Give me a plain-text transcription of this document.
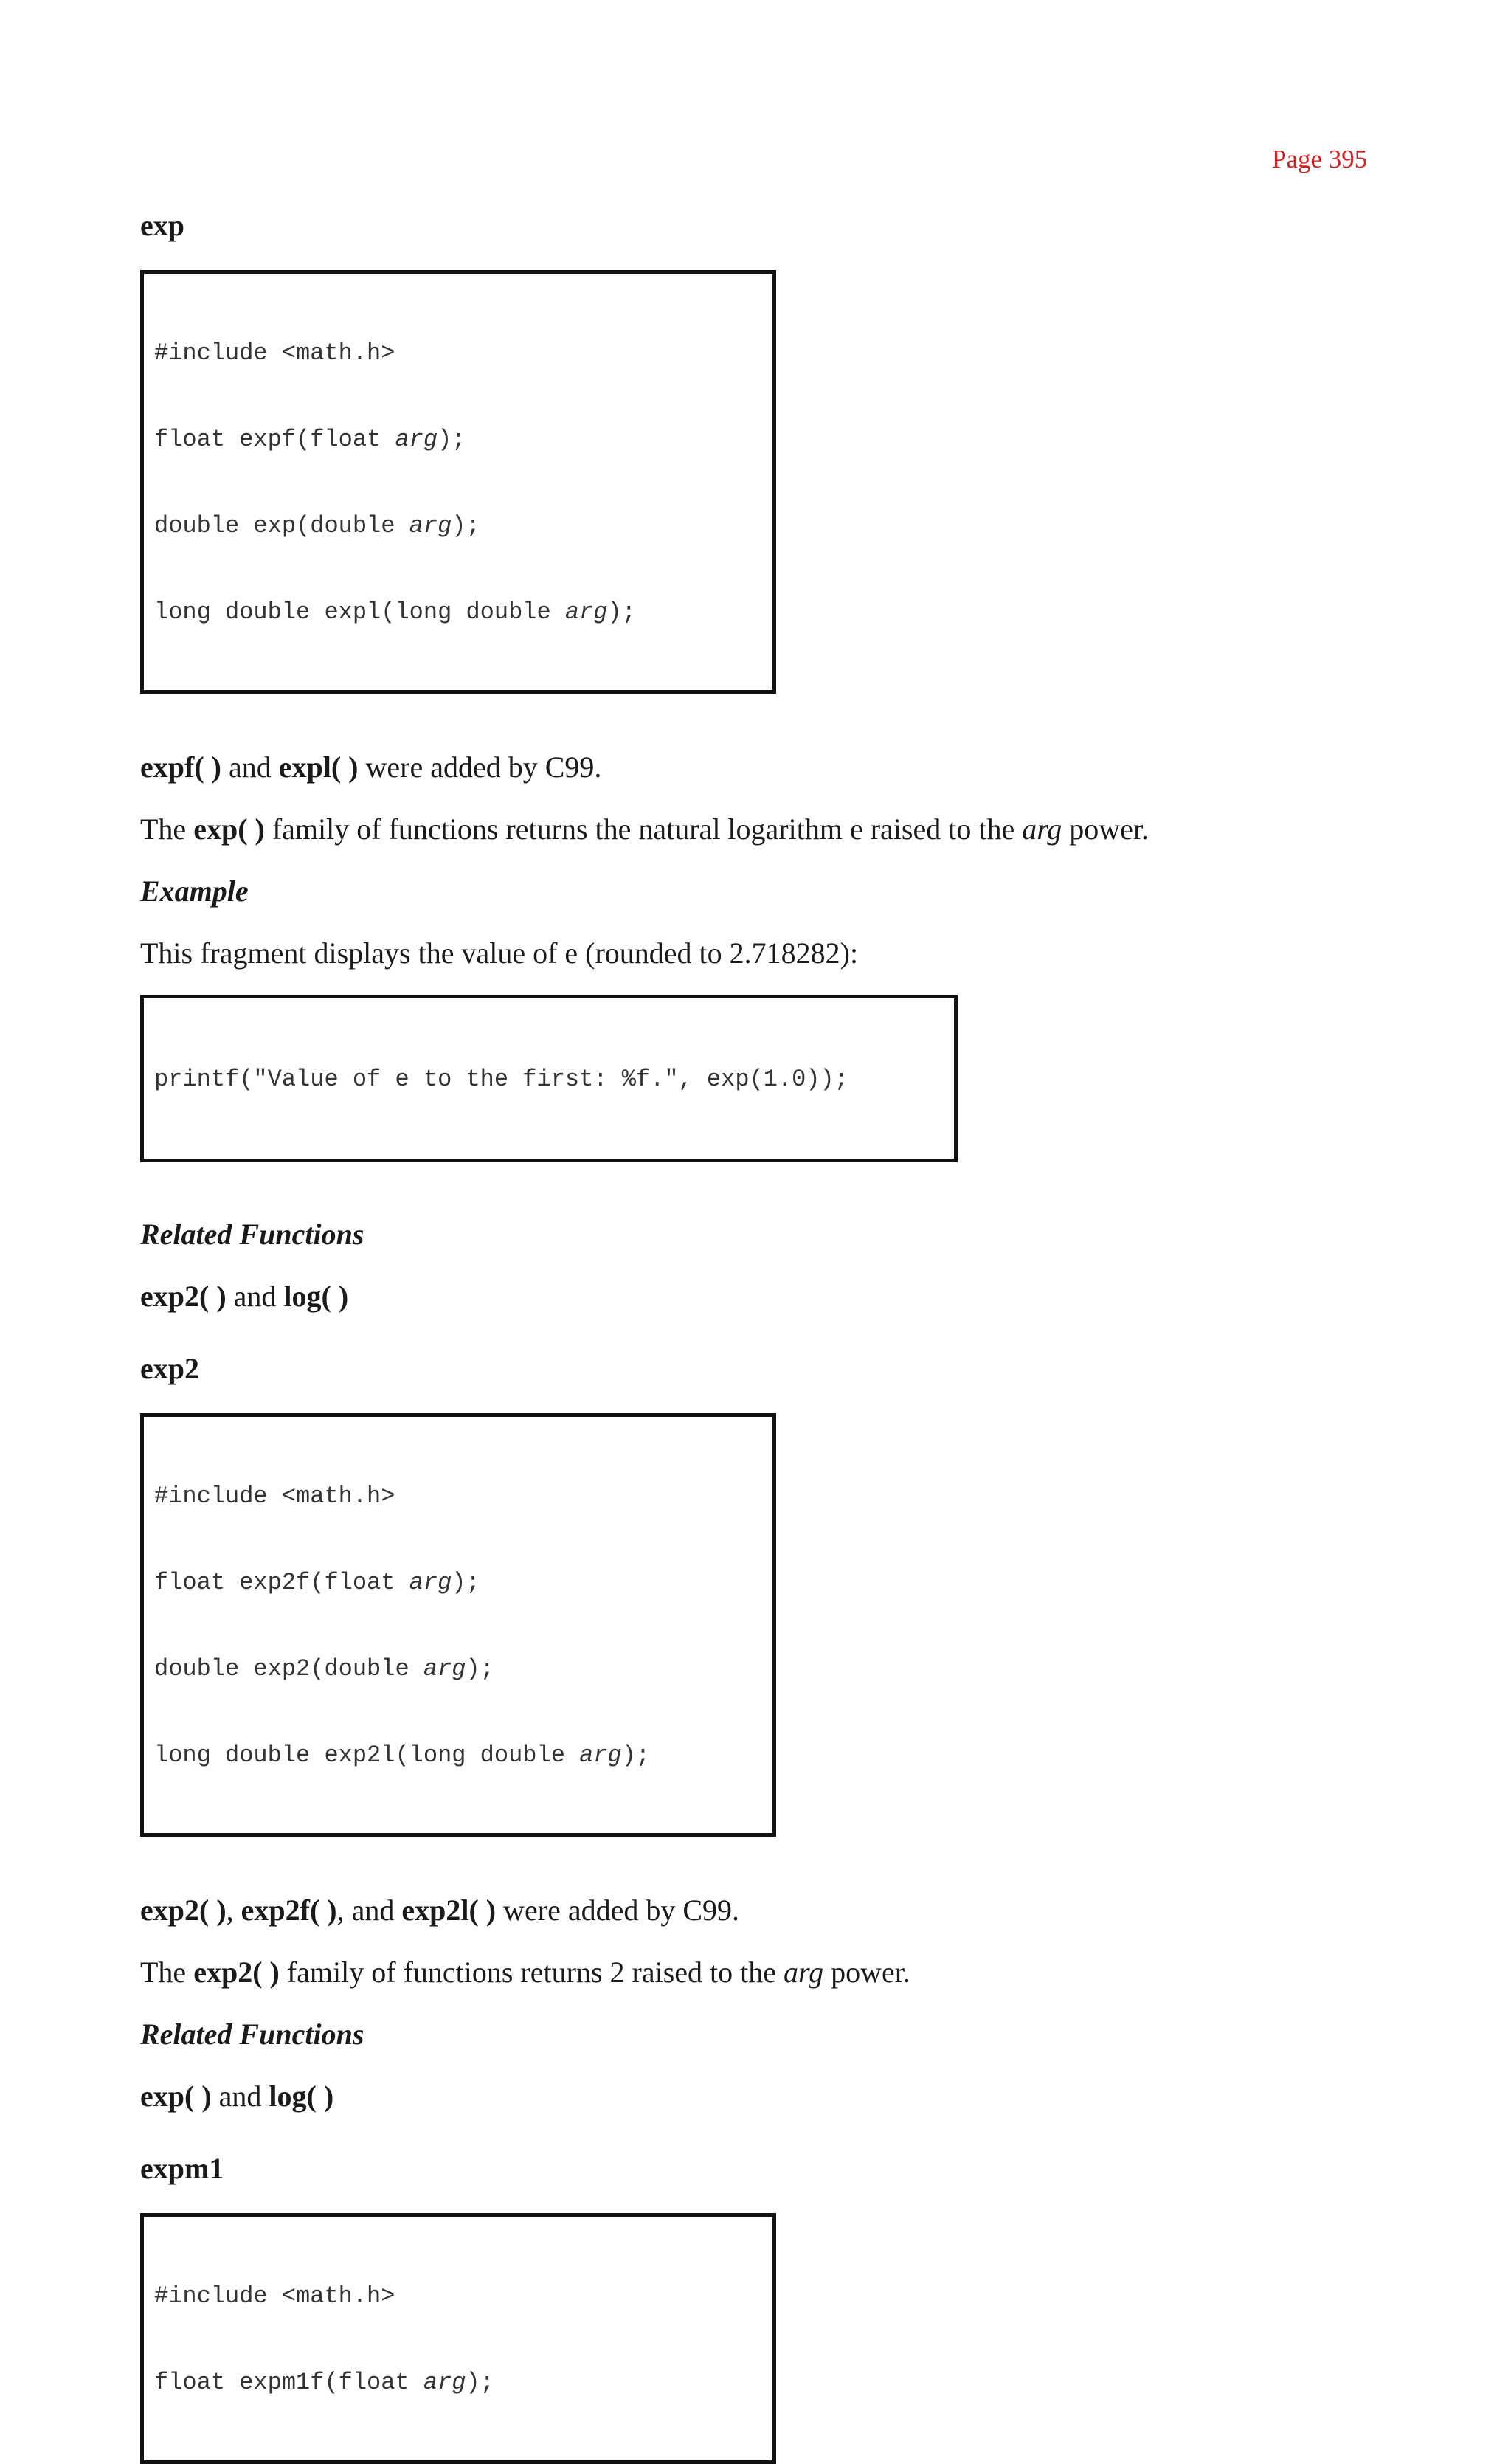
Page 395
exp

#include <math.h>

float expf(float arg);

double exp(double arg);

long double expl(long double arg);

expf( ) and expl( ) were added by C99.

The exp( ) family of functions returns the natural logarithm e raised to the arg power.

Example

This fragment displays the value of e (rounded to 2.718282):

printf("Value of e to the first: %f.", exp(1.0));

Related Functions

exp2( ) and log( )

exp2

#include <math.h>

float exp2f(float arg);

double exp2(double arg);

long double exp2l(long double arg);

exp2( ), exp2f( ), and exp2l( ) were added by C99.

The exp2( ) family of functions returns 2 raised to the arg power.

Related Functions

exp( ) and log( )

expm1

#include <math.h>

float expm1f(float arg);
